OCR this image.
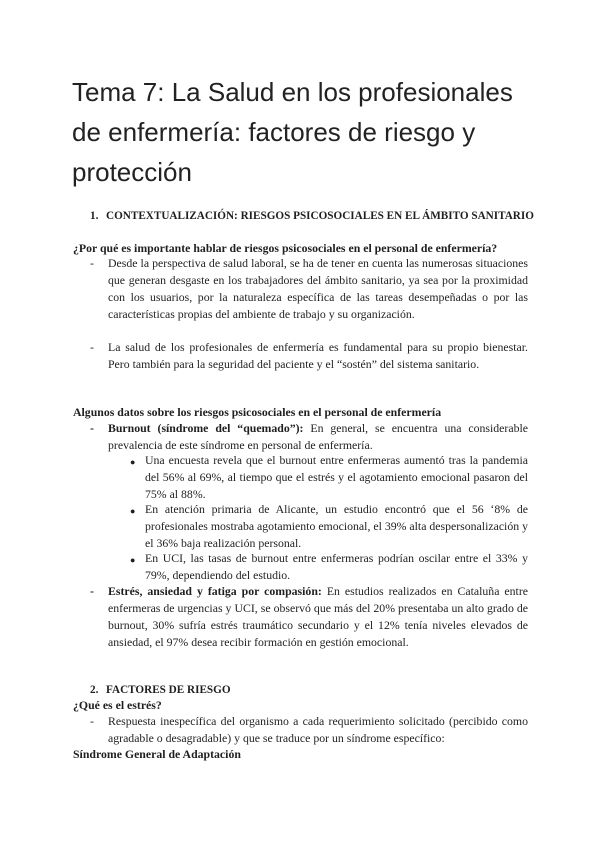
Tema 7: La Salud en los profesionales de enfermería: factores de riesgo y protección
1. CONTEXTUALIZACIÓN: RIESGOS PSICOSOCIALES EN EL ÁMBITO SANITARIO
¿Por qué es importante hablar de riesgos psicosociales en el personal de enfermería?
- Desde la perspectiva de salud laboral, se ha de tener en cuenta las numerosas situaciones que generan desgaste en los trabajadores del ámbito sanitario, ya sea por la proximidad con los usuarios, por la naturaleza específica de las tareas desempeñadas o por las características propias del ambiente de trabajo y su organización.
- La salud de los profesionales de enfermería es fundamental para su propio bienestar. Pero también para la seguridad del paciente y el “sostén” del sistema sanitario.
Algunos datos sobre los riesgos psicosociales en el personal de enfermería
- Burnout (síndrome del “quemado”): En general, se encuentra una considerable prevalencia de este síndrome en personal de enfermería.
● Una encuesta revela que el burnout entre enfermeras aumentó tras la pandemia del 56% al 69%, al tiempo que el estrés y el agotamiento emocional pasaron del 75% al 88%.
● En atención primaria de Alicante, un estudio encontró que el 56 ‘8% de profesionales mostraba agotamiento emocional, el 39% alta despersonalización y el 36% baja realización personal.
● En UCI, las tasas de burnout entre enfermeras podrían oscilar entre el 33% y 79%, dependiendo del estudio.
- Estrés, ansiedad y fatiga por compasión: En estudios realizados en Cataluña entre enfermeras de urgencias y UCI, se observó que más del 20% presentaba un alto grado de burnout, 30% sufría estrés traumático secundario y el 12% tenía niveles elevados de ansiedad, el 97% desea recibir formación en gestión emocional.
2. FACTORES DE RIESGO
¿Qué es el estrés?
- Respuesta inespecífica del organismo a cada requerimiento solicitado (percibido como agradable o desagradable) y que se traduce por un síndrome específico:
Síndrome General de Adaptación
